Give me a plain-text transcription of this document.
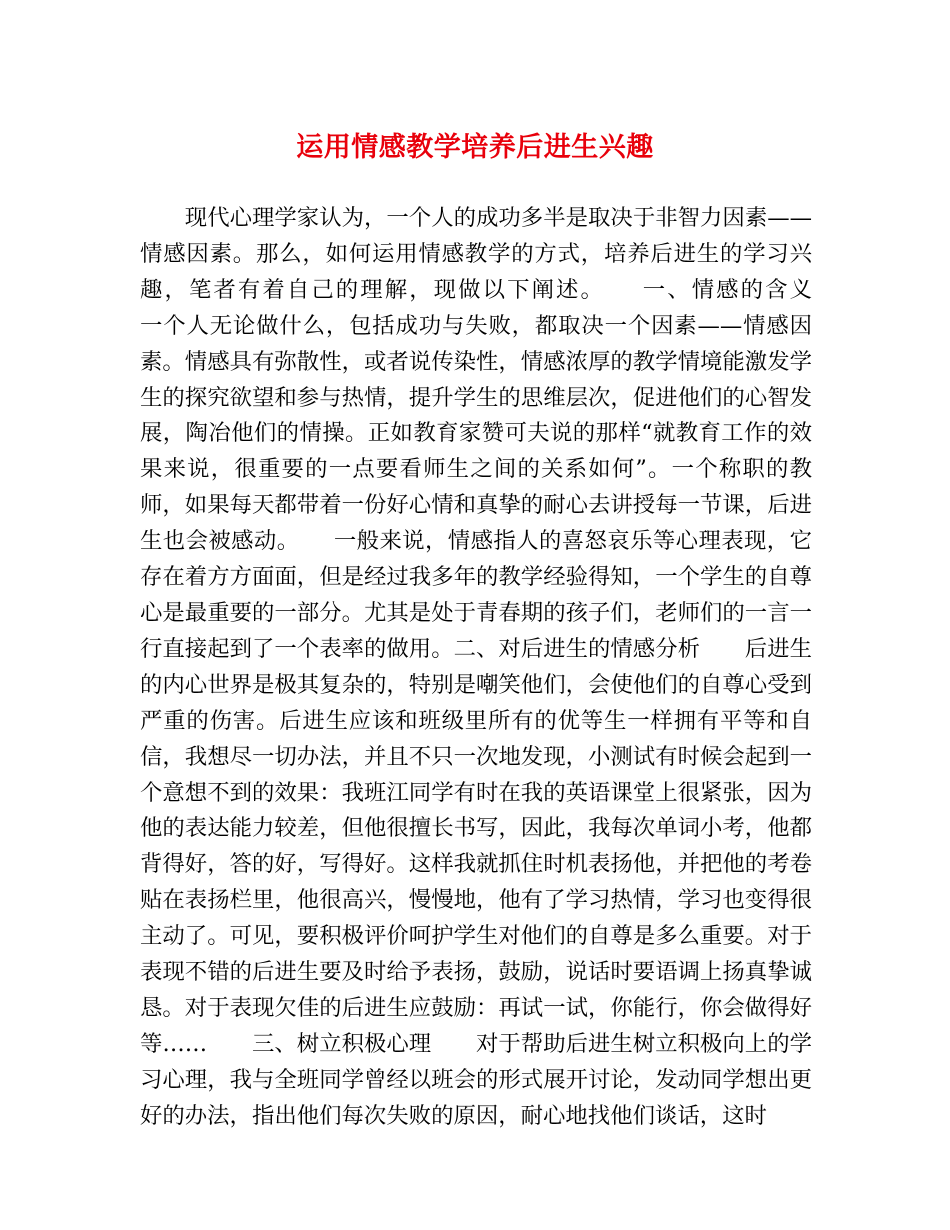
运用情感教学培养后进生兴趣

现代心理学家认为，一个人的成功多半是取决于非智力因素——情感因素。那么，如何运用情感教学的方式，培养后进生的学习兴趣，笔者有着自己的理解，现做以下阐述。　　一、情感的含义　　一个人无论做什么，包括成功与失败，都取决一个因素——情感因素。情感具有弥散性，或者说传染性，情感浓厚的教学情境能激发学生的探究欲望和参与热情，提升学生的思维层次，促进他们的心智发展，陶冶他们的情操。正如教育家赞可夫说的那样“就教育工作的效果来说，很重要的一点要看师生之间的关系如何”。一个称职的教师，如果每天都带着一份好心情和真挚的耐心去讲授每一节课，后进生也会被感动。　　一般来说，情感指人的喜怒哀乐等心理表现，它存在着方方面面，但是经过我多年的教学经验得知，一个学生的自尊心是最重要的一部分。尤其是处于青春期的孩子们，老师们的一言一行直接起到了一个表率的做用。二、对后进生的情感分析　　后进生的内心世界是极其复杂的，特别是嘲笑他们，会使他们的自尊心受到严重的伤害。后进生应该和班级里所有的优等生一样拥有平等和自信，我想尽一切办法，并且不只一次地发现，小测试有时候会起到一个意想不到的效果：我班江同学有时在我的英语课堂上很紧张，因为他的表达能力较差，但他很擅长书写，因此，我每次单词小考，他都背得好，答的好，写得好。这样我就抓住时机表扬他，并把他的考卷贴在表扬栏里，他很高兴，慢慢地，他有了学习热情，学习也变得很主动了。可见，要积极评价呵护学生对他们的自尊是多么重要。对于表现不错的后进生要及时给予表扬，鼓励，说话时要语调上扬真挚诚恳。对于表现欠佳的后进生应鼓励：再试一试，你能行，你会做得好等……　　三、树立积极心理　　对于帮助后进生树立积极向上的学习心理，我与全班同学曾经以班会的形式展开讨论，发动同学想出更好的办法，指出他们每次失败的原因，耐心地找他们谈话，这时
